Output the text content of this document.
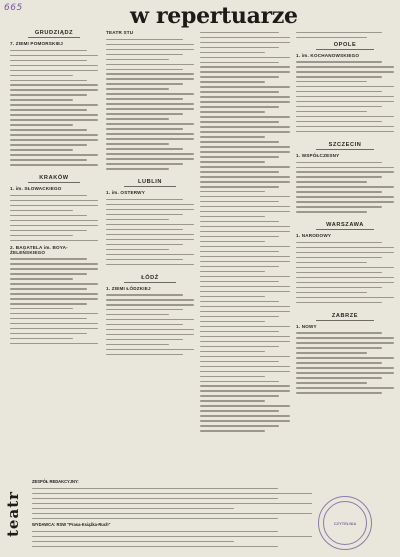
665	w repertuarze
GRUDZIĄDZ
7. ZIEMI POMORSKIEJ
KRAKÓW
1. im. SŁOWACKIEGO
2. BAGATELA im. BOYA-ŻELEŃSKIEGO
TEATR STU
LUBLIN
1. im. OSTERWY
ŁÓDŹ
1. ZIEMI ŁÓDZKIEJ
OPOLE
1. im. KOCHANOWSKIEGO
SZCZECIN
1. WSPÓŁCZESNY
WARSZAWA
1. NARODOWY
ZABRZE
1. NOWY
teatr
ZESPÓŁ REDAKCYJNY:
WYDAWCA: RSW "Prasa-Książka-Ruch"	CZYTELNIA
